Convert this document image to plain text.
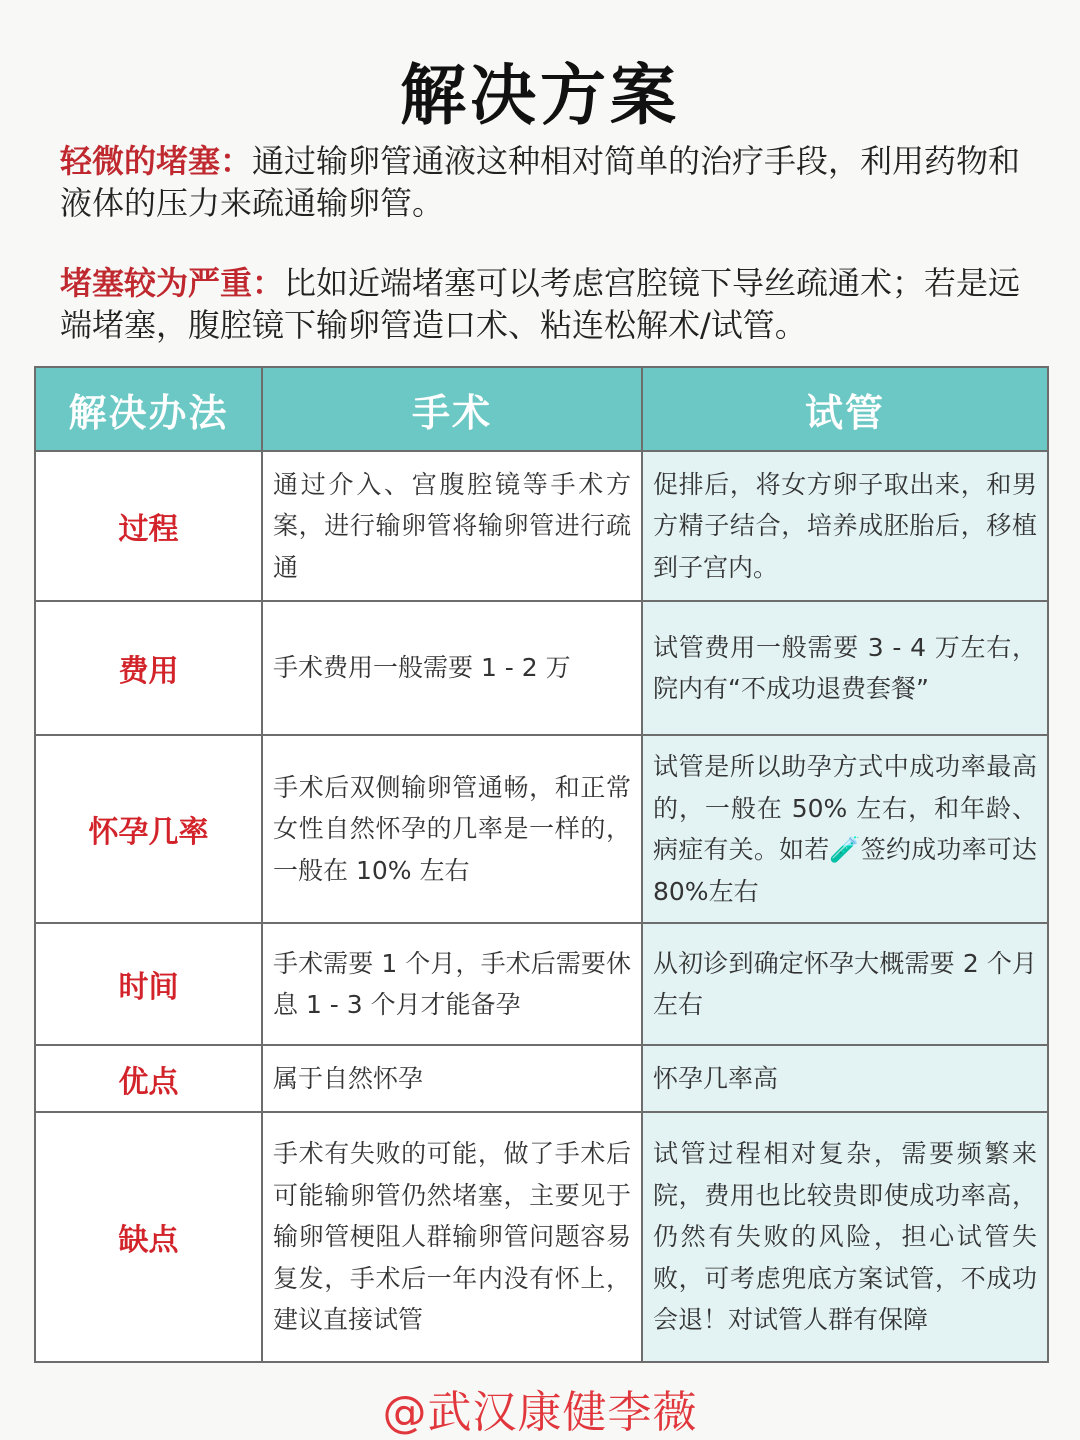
解决方案

轻微的堵塞：通过输卵管通液这种相对简单的治疗手段，利用药物和液体的压力来疏通输卵管。

堵塞较为严重：比如近端堵塞可以考虑宫腔镜下导丝疏通术；若是远端堵塞，腹腔镜下输卵管造口术、粘连松解术/试管。

解决办法	手术	试管
过程	通过介入、宫腹腔镜等手术方案，进行输卵管将输卵管进行疏通	促排后，将女方卵子取出来，和男方精子结合，培养成胚胎后，移植到子宫内。
费用	手术费用一般需要 1 - 2 万	试管费用一般需要 3 - 4 万左右，院内有“不成功退费套餐”
怀孕几率	手术后双侧输卵管通畅，和正常女性自然怀孕的几率是一样的，一般在 10% 左右	试管是所以助孕方式中成功率最高的，一般在 50% 左右，和年龄、病症有关。如若🧪签约成功率可达80%左右
时间	手术需要 1 个月，手术后需要休息 1 - 3 个月才能备孕	从初诊到确定怀孕大概需要 2 个月左右
优点	属于自然怀孕	怀孕几率高
缺点	手术有失败的可能，做了手术后可能输卵管仍然堵塞，主要见于输卵管梗阻人群输卵管问题容易复发，手术后一年内没有怀上，建议直接试管	试管过程相对复杂，需要频繁来院，费用也比较贵即使成功率高，仍然有失败的风险，担心试管失败，可考虑兜底方案试管，不成功会退！对试管人群有保障
@武汉康健李薇
